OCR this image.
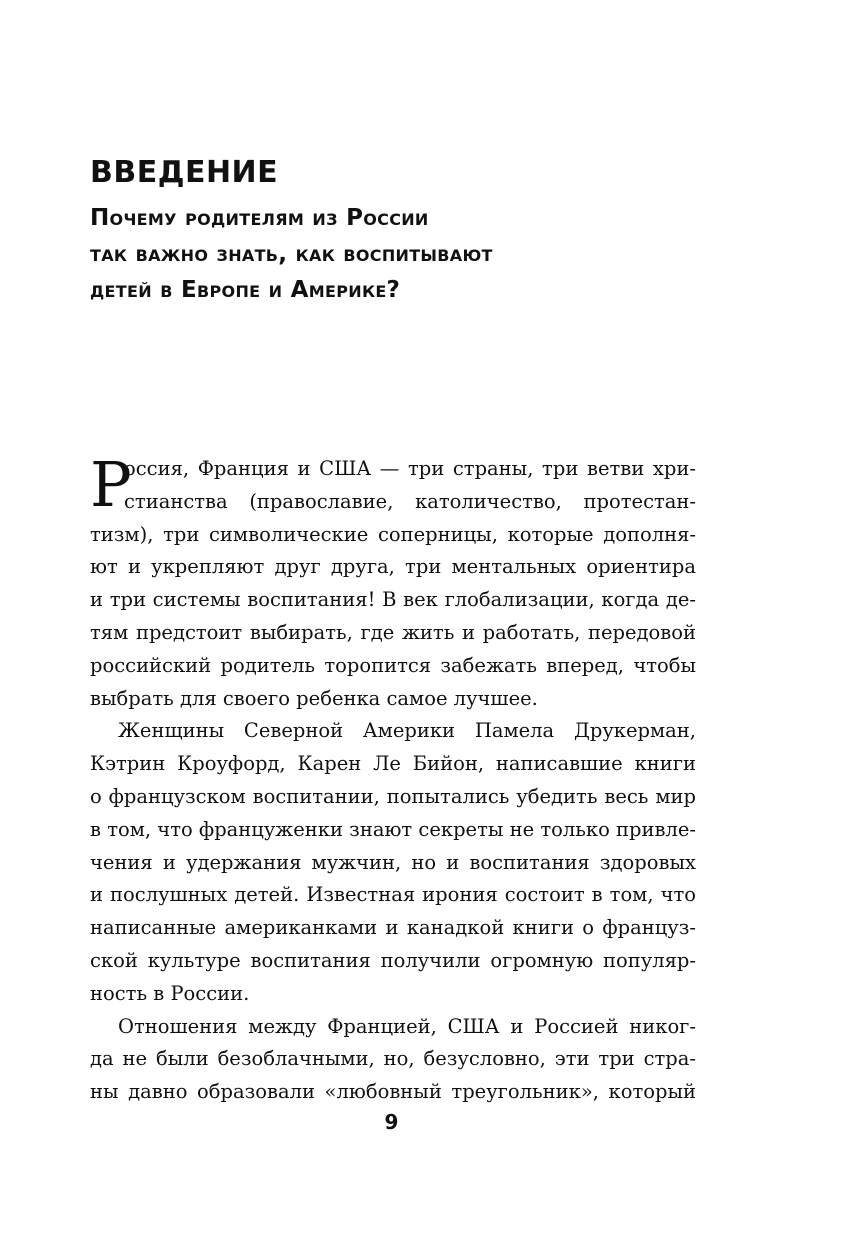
ВВЕДЕНИЕ

Почему родителям из России
так важно знать, как воспитывают
детей в Европе и Америке?

Р
оссия, Франция и США — три страны, три ветви хри-
стианства (православие, католичество, протестан-
тизм), три символические соперницы, которые дополня-
ют и укрепляют друг друга, три ментальных ориентира
и три системы воспитания! В век глобализации, когда де-
тям предстоит выбирать, где жить и работать, передовой
российский родитель торопится забежать вперед, чтобы
выбрать для своего ребенка самое лучшее.
Женщины Северной Америки Памела Друкерман,
Кэтрин Кроуфорд, Карен Ле Бийон, написавшие книги
о французском воспитании, попытались убедить весь мир
в том, что француженки знают секреты не только привле-
чения и удержания мужчин, но и воспитания здоровых
и послушных детей. Известная ирония состоит в том, что
написанные американками и канадкой книги о француз-
ской культуре воспитания получили огромную популяр-
ность в России.
Отношения между Францией, США и Россией никог-
да не были безоблачными, но, безусловно, эти три стра-
ны давно образовали «любовный треугольник», который
9
